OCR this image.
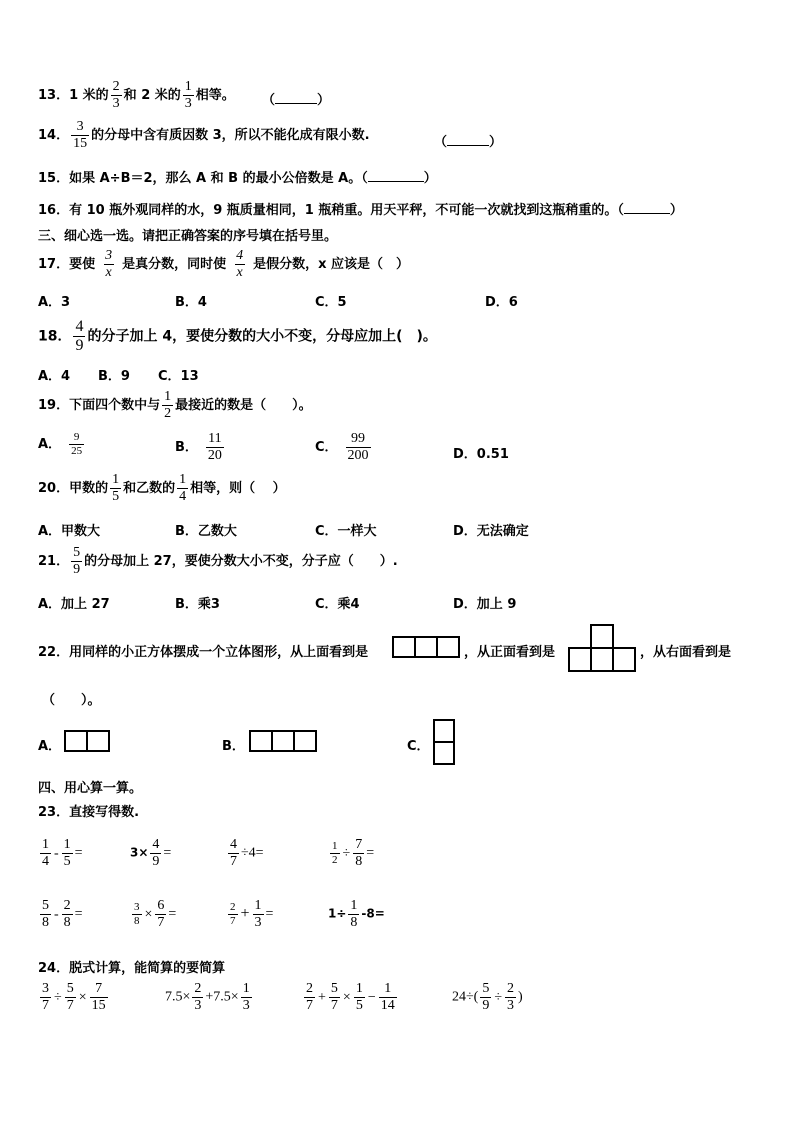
13．1 米的 $\frac{2}{3}$ 和 2 米的 $\frac{1}{3}$ 相等。 （	）
14． $\frac{3}{15}$ 的分母中含有质因数 3，所以不能化成有限小数.	（	）
15．如果 A÷B＝2，那么 A 和 B 的最小公倍数是 A。（	）
16．有 10 瓶外观同样的水，9 瓶质量相同，1 瓶稍重。用天平秤，不可能一次就找到这瓶稍重的。（	）
三、细心选一选。请把正确答案的序号填在括号里。
17．要使 $\frac{3}{x}$ 是真分数，同时使 $\frac{4}{x}$ 是假分数，x 应该是（　）
A．3	B．4	C．5	D．6
18． $\frac{4}{9}$ 的分子加上 4，要使分数的大小不变，分母应加上(　)。
A．4 B．9 C．13
19．下面四个数中与 $\frac{1}{2}$ 最接近的数是（　　）。
A． $\frac{9}{25}$	B． $\frac{11}{20}$	C． $\frac{99}{200}$	D．0.51
20．甲数的 $\frac{1}{5}$ 和乙数的 $\frac{1}{4}$ 相等，则（　 ）
A．甲数大	B．乙数大	C．一样大	D．无法确定
21． $\frac{5}{9}$ 的分母加上 27，要使分数大小不变，分子应（　　）.
A．加上 27	B．乘3	C．乘4	D．加上 9
22．用同样的小正方体摆成一个立体图形，从上面看到是	，从正面看到是	，从右面看到是
（　　）。
A．	B．	C．
四、用心算一算。
23．直接写得数.
$\frac{1}{4} - \frac{1}{5}$ =	$3\times \frac{4}{9}$ =	$\frac{4}{7} \div 4=$	$\frac{1}{2} \div \frac{7}{8}$ =
$\frac{5}{8} - \frac{2}{8}$ =	$\frac{3}{8} \times \frac{6}{7}$ =	$\frac{2}{7} + \frac{1}{3}$ =	$1\div \frac{1}{8} -8=$
24．脱式计算，能简算的要简算
$\frac{3}{7} \div \frac{5}{7} \times \frac{7}{15}$	$7.5\times \frac{2}{3} +7.5\times \frac{1}{3}$	$\frac{2}{7} + \frac{5}{7} \times \frac{1}{5} - \frac{1}{14}$	$24\div( \frac{5}{9} \div \frac{2}{3}$ )
